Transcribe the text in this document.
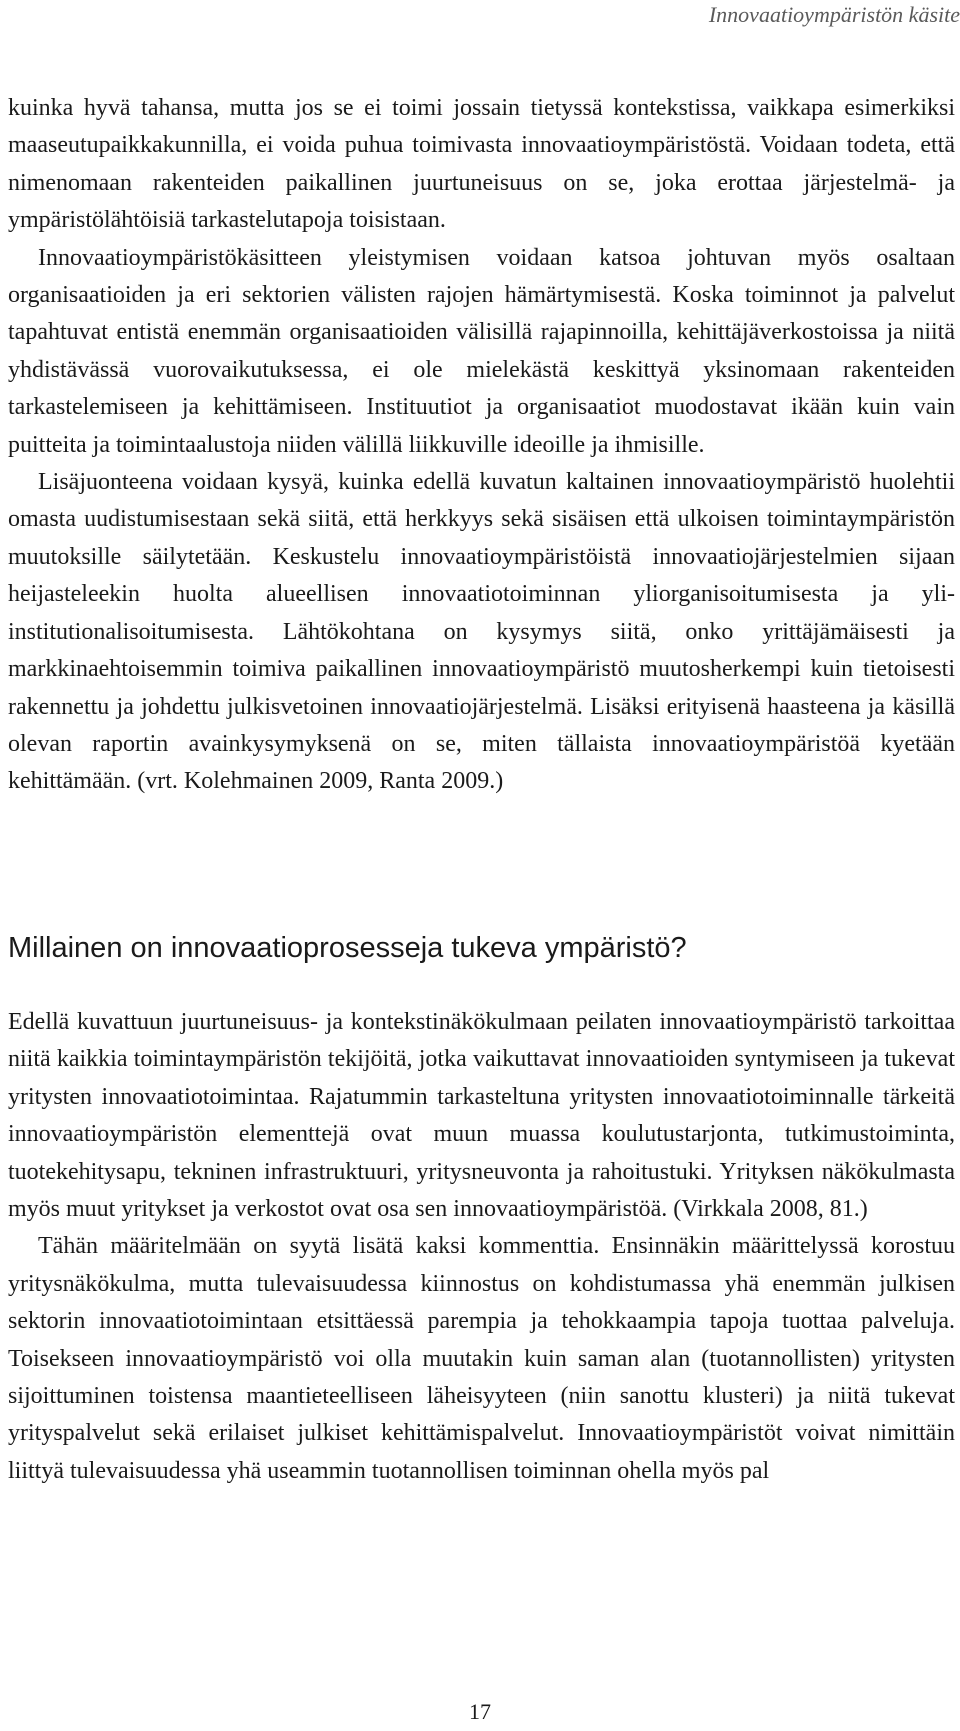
Innovaatioympäristön käsite

kuinka hyvä tahansa, mutta jos se ei toimi jossain tietyssä kontekstissa, vaikkapa esimerkiksi maaseutupaikkakunnilla, ei voida puhua toimivasta innovaatioympäristöstä. Voidaan todeta, että nimenomaan rakenteiden paikallinen juurtuneisuus on se, joka erottaa järjestelmä- ja ympäristölähtöisiä tarkastelutapoja toisistaan.

Innovaatioympäristökäsitteen yleistymisen voidaan katsoa johtuvan myös osaltaan organisaatioiden ja eri sektorien välisten rajojen hämärtymisestä. Koska toiminnot ja palvelut tapahtuvat entistä enemmän organisaatioiden välisillä rajapinnoilla, kehittäjäverkostoissa ja niitä yhdistävässä vuorovaikutuksessa, ei ole mielekästä keskittyä yksinomaan rakenteiden tarkastelemiseen ja kehittämiseen. Instituutiot ja organisaatiot muodostavat ikään kuin vain puitteita ja toimintaalustoja niiden välillä liikkuville ideoille ja ihmisille.

Lisäjuonteena voidaan kysyä, kuinka edellä kuvatun kaltainen innovaatioympäristö huolehtii omasta uudistumisestaan sekä siitä, että herkkyys sekä sisäisen että ulkoisen toimintaympäristön muutoksille säilytetään. Keskustelu innovaatioympäristöistä innovaatiojärjestelmien sijaan heijasteleekin huolta alueellisen innovaatiotoiminnan yliorganisoitumisesta ja yli-institutionalisoitumisesta. Lähtökohtana on kysymys siitä, onko yrittäjämäisesti ja markkinaehtoisemmin toimiva paikallinen innovaatioympäristö muutosherkempi kuin tietoisesti rakennettu ja johdettu julkisvetoinen innovaatiojärjestelmä. Lisäksi erityisenä haasteena ja käsillä olevan raportin avainkysymyksenä on se, miten tällaista innovaatioympäristöä kyetään kehittämään. (vrt. Kolehmainen 2009, Ranta 2009.)

Millainen on innovaatioprosesseja tukeva ympäristö?

Edellä kuvattuun juurtuneisuus- ja kontekstinäkökulmaan peilaten innovaatioympäristö tarkoittaa niitä kaikkia toimintaympäristön tekijöitä, jotka vaikuttavat innovaatioiden syntymiseen ja tukevat yritysten innovaatiotoimintaa. Rajatummin tarkasteltuna yritysten innovaatiotoiminnalle tärkeitä innovaatioympäristön elementtejä ovat muun muassa koulutustarjonta, tutkimustoiminta, tuotekehitysapu, tekninen infrastruktuuri, yritysneuvonta ja rahoitustuki. Yrityksen näkökulmasta myös muut yritykset ja verkostot ovat osa sen innovaatioympäristöä. (Virkkala 2008, 81.)

Tähän määritelmään on syytä lisätä kaksi kommenttia. Ensinnäkin määrittelyssä korostuu yritysnäkökulma, mutta tulevaisuudessa kiinnostus on kohdistumassa yhä enemmän julkisen sektorin innovaatiotoimintaan etsittäessä parempia ja tehokkaampia tapoja tuottaa palveluja. Toisekseen innovaatioympäristö voi olla muutakin kuin saman alan (tuotannollisten) yritysten sijoittuminen toistensa maantieteelliseen läheisyyteen (niin sanottu klusteri) ja niitä tukevat yrityspalvelut sekä erilaiset julkiset kehittämispalvelut. Innovaatioympäristöt voivat nimittäin liittyä tulevaisuudessa yhä useammin tuotannollisen toiminnan ohella myös pal

17
